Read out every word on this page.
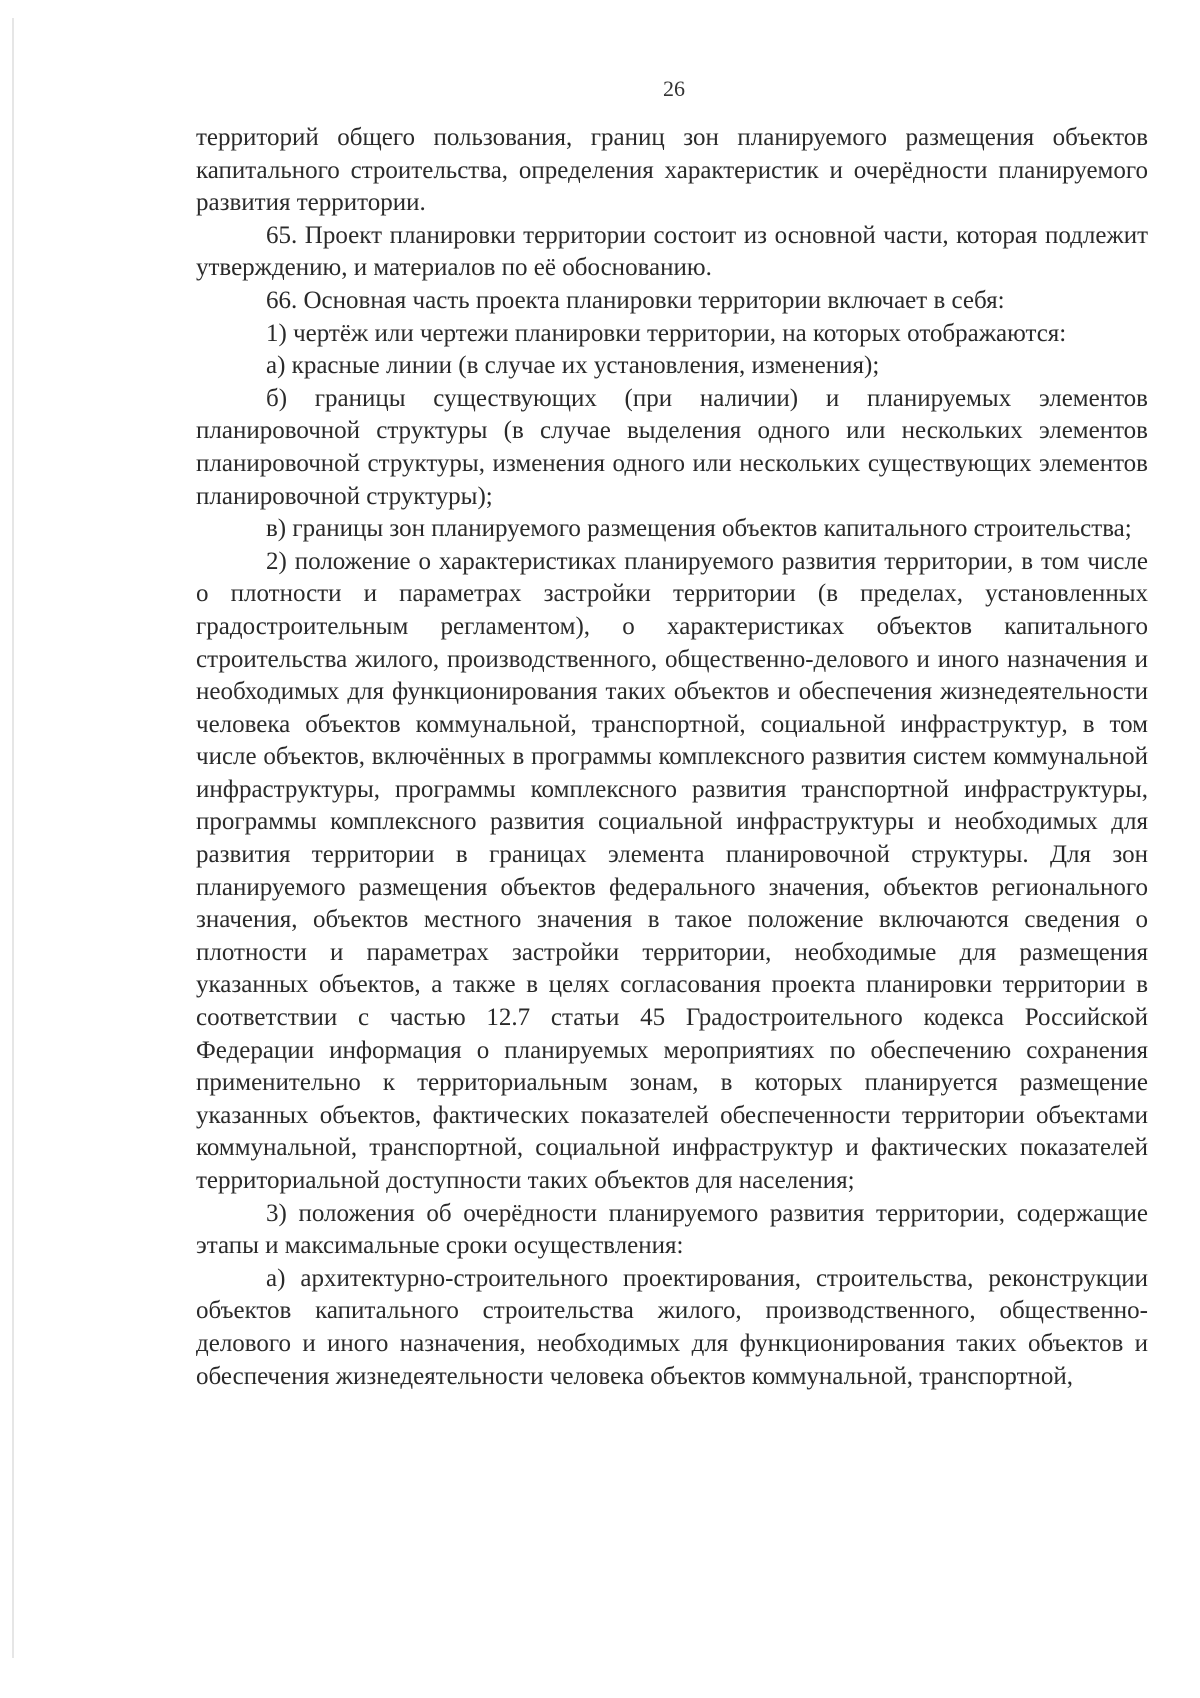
26

территорий общего пользования, границ зон планируемого размещения объектов капитального строительства, определения характеристик и очерёдности планируемого развития территории.

65. Проект планировки территории состоит из основной части, которая подлежит утверждению, и материалов по её обоснованию.

66. Основная часть проекта планировки территории включает в себя:

1) чертёж или чертежи планировки территории, на которых отображаются:

а) красные линии (в случае их установления, изменения);

б) границы существующих (при наличии) и планируемых элементов планировочной структуры (в случае выделения одного или нескольких элементов планировочной структуры, изменения одного или нескольких существующих элементов планировочной структуры);

в) границы зон планируемого размещения объектов капитального строительства;

2) положение о характеристиках планируемого развития территории, в том числе о плотности и параметрах застройки территории (в пределах, установленных градостроительным регламентом), о характеристиках объектов капитального строительства жилого, производственного, общественно-делового и иного назначения и необходимых для функционирования таких объектов и обеспечения жизнедеятельности человека объектов коммунальной, транспортной, социальной инфраструктур, в том числе объектов, включённых в программы комплексного развития систем коммунальной инфраструктуры, программы комплексного развития транспортной инфраструктуры, программы комплексного развития социальной инфраструктуры и необходимых для развития территории в границах элемента планировочной структуры. Для зон планируемого размещения объектов федерального значения, объектов регионального значения, объектов местного значения в такое положение включаются сведения о плотности и параметрах застройки территории, необходимые для размещения указанных объектов, а также в целях согласования проекта планировки территории в соответствии с частью 12.7 статьи 45 Градостроительного кодекса Российской Федерации информация о планируемых мероприятиях по обеспечению сохранения применительно к территориальным зонам, в которых планируется размещение указанных объектов, фактических показателей обеспеченности территории объектами коммунальной, транспортной, социальной инфраструктур и фактических показателей территориальной доступности таких объектов для населения;

3) положения об очерёдности планируемого развития территории, содержащие этапы и максимальные сроки осуществления:

а) архитектурно-строительного проектирования, строительства, реконструкции объектов капитального строительства жилого, производственного, общественно-делового и иного назначения, необходимых для функционирования таких объектов и обеспечения жизнедеятельности человека объектов коммунальной, транспортной,
